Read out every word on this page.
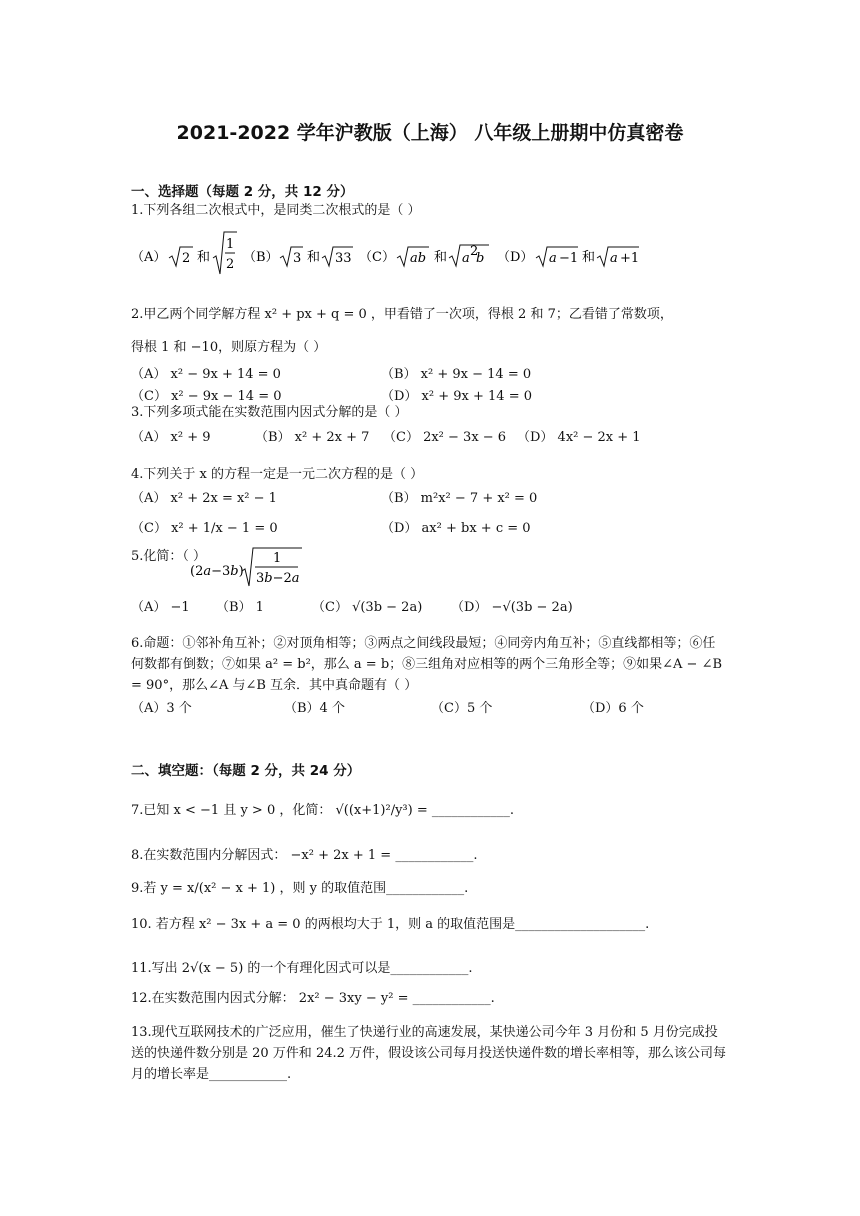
2021-2022 学年沪教版（上海） 八年级上册期中仿真密卷
一、选择题（每题 2 分，共 12 分）
1.下列各组二次根式中，是同类二次根式的是（ ）
（A） 2 和
1
2 （B） 3 和 33 （C） ab 和 a 2
b （D） a −1 和 a +1
2.甲乙两个同学解方程 x² + px + q = 0 ，甲看错了一次项，得根 2 和 7；乙看错了常数项，
得根 1 和 −10，则原方程为（ ）
（A） x² − 9x + 14 = 0	（B） x² + 9x − 14 = 0
（C） x² − 9x − 14 = 0	（D） x² + 9x + 14 = 0
3.下列多项式能在实数范围内因式分解的是（ ）
（A） x² + 9	（B） x² + 2x + 7 （C） 2x² − 3x − 6 （D） 4x² − 2x + 1
4.下列关于 x 的方程一定是一元二次方程的是（ ）
（A） x² + 2x = x² − 1	（B） m²x² − 7 + x² = 0
（C） x² + 1/x − 1 = 0	（D） ax² + bx + c = 0
5.化简：（ ）
(2a−3b)
1
3b−2a
（A） −1 （B） 1	（C） √(3b − 2a) （D） −√(3b − 2a)
6.命题：①邻补角互补；②对顶角相等；③两点之间线段最短；④同旁内角互补；⑤直线都相等；⑥任何数都有倒数；⑦如果 a² = b²，那么 a = b；⑧三组角对应相等的两个三角形全等；⑨如果∠A − ∠B = 90°，那么∠A 与∠B 互余．其中真命题有（ ）
（A）3 个	（B）4 个	（C）5 个	（D）6 个
二、填空题：（每题 2 分，共 24 分）
7.已知 x < −1 且 y > 0 ，化简： √((x+1)²/y³) = ____________.
8.在实数范围内分解因式： −x² + 2x + 1 = ____________.
9.若 y = x/(x² − x + 1) ，则 y 的取值范围____________.
10. 若方程 x² − 3x + a = 0 的两根均大于 1，则 a 的取值范围是____________________.
11.写出 2√(x − 5) 的一个有理化因式可以是____________.
12.在实数范围内因式分解： 2x² − 3xy − y² = ____________.
13.现代互联网技术的广泛应用，催生了快递行业的高速发展，某快递公司今年 3 月份和 5 月份完成投送的快递件数分别是 20 万件和 24.2 万件，假设该公司每月投送快递件数的增长率相等，那么该公司每月的增长率是____________.
